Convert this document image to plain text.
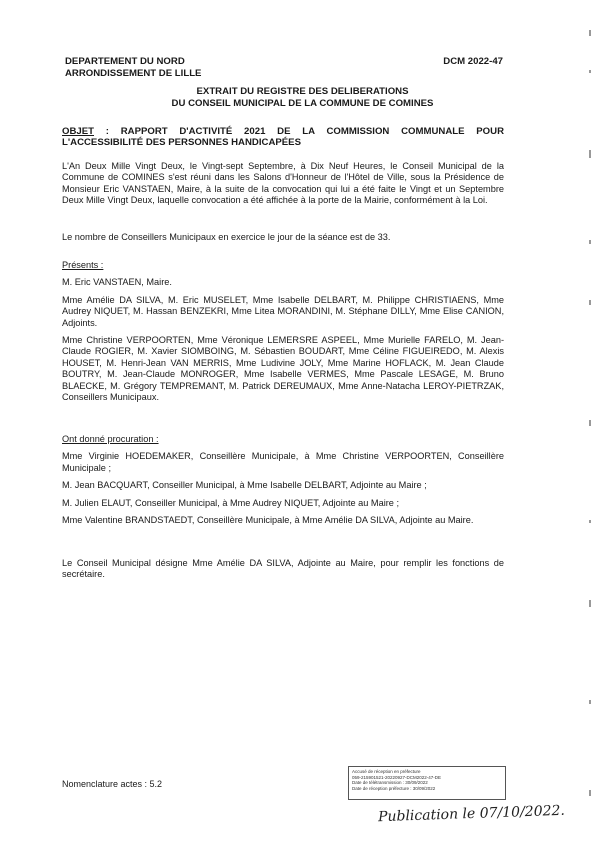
DEPARTEMENT DU NORD
ARRONDISSEMENT DE LILLE
DCM 2022-47
EXTRAIT DU REGISTRE DES DELIBERATIONS
DU CONSEIL MUNICIPAL DE LA COMMUNE DE COMINES
OBJET : RAPPORT D'ACTIVITÉ 2021 DE LA COMMISSION COMMUNALE POUR L'ACCESSIBILITÉ DES PERSONNES HANDICAPÉES
L'An Deux Mille Vingt Deux, le Vingt-sept Septembre, à Dix Neuf Heures, le Conseil Municipal de la Commune de COMINES s'est réuni dans les Salons d'Honneur de l'Hôtel de Ville, sous la Présidence de Monsieur Eric VANSTAEN, Maire, à la suite de la convocation qui lui a été faite le Vingt et un Septembre Deux Mille Vingt Deux, laquelle convocation a été affichée à la porte de la Mairie, conformément à la Loi.
Le nombre de Conseillers Municipaux en exercice le jour de la séance est de 33.

Présents :

M. Eric VANSTAEN, Maire.

Mme Amélie DA SILVA, M. Eric MUSELET, Mme Isabelle DELBART, M. Philippe CHRISTIAENS, Mme Audrey NIQUET, M. Hassan BENZEKRI, Mme Litea MORANDINI, M. Stéphane DILLY, Mme Elise CANION, Adjoints.

Mme Christine VERPOORTEN, Mme Véronique LEMERSRE ASPEEL, Mme Murielle FARELO, M. Jean-Claude ROGIER, M. Xavier SIOMBOING, M. Sébastien BOUDART, Mme Céline FIGUEIREDO, M. Alexis HOUSET, M. Henri-Jean VAN MERRIS, Mme Ludivine JOLY, Mme Marine HOFLACK, M. Jean Claude BOUTRY, M. Jean-Claude MONROGER, Mme Isabelle VERMES, Mme Pascale LESAGE, M. Bruno BLAECKE, M. Grégory TEMPREMANT, M. Patrick DEREUMAUX, Mme Anne-Natacha LEROY-PIETRZAK, Conseillers Municipaux.

Ont donné procuration :

Mme Virginie HOEDEMAKER, Conseillère Municipale, à Mme Christine VERPOORTEN, Conseillère Municipale ;

M. Jean BACQUART, Conseiller Municipal, à Mme Isabelle DELBART, Adjointe au Maire ;

M. Julien ELAUT, Conseiller Municipal, à Mme Audrey NIQUET, Adjointe au Maire ;

Mme Valentine BRANDSTAEDT, Conseillère Municipale, à Mme Amélie DA SILVA, Adjointe au Maire.

Le Conseil Municipal désigne Mme Amélie DA SILVA, Adjointe au Maire, pour remplir les fonctions de secrétaire.
Nomenclature actes : 5.2
Accusé de réception en préfecture
059-215901521-20220927-DCM2022-47-DE
Date de télétransmission : 30/09/2022
Date de réception préfecture : 30/09/2022
Publication le 07/10/2022.
